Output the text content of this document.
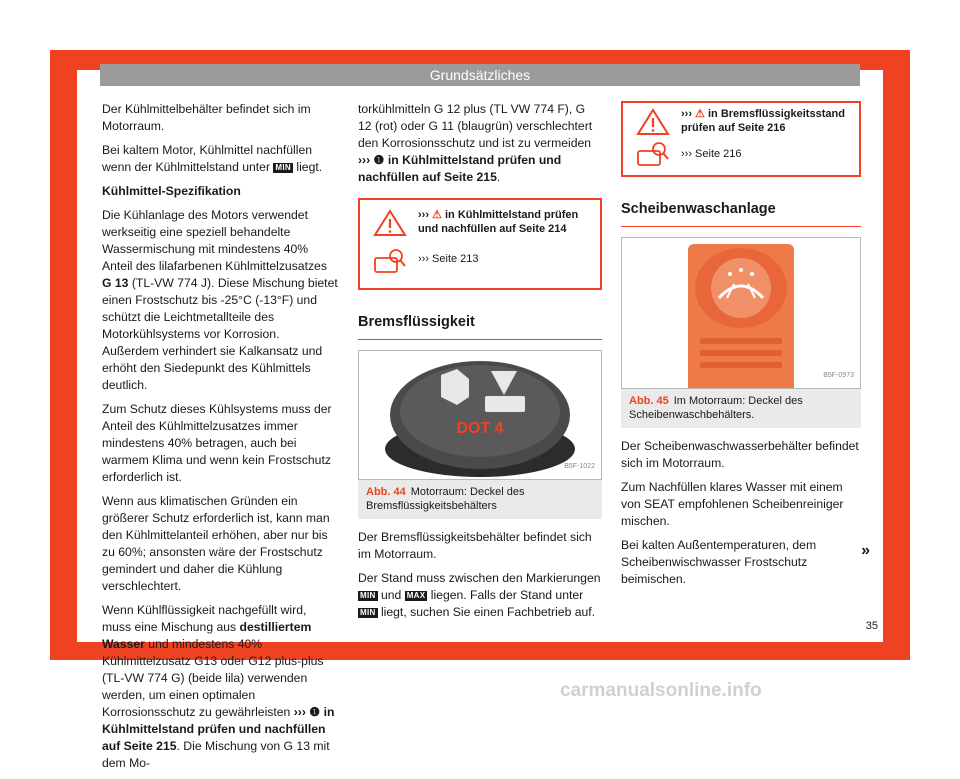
Grundsätzliches

Der Kühlmittelbehälter befindet sich im Motorraum.

Bei kaltem Motor, Kühlmittel nachfüllen wenn der Kühlmittelstand unter MIN liegt.

Kühlmittel-Spezifikation

Die Kühlanlage des Motors verwendet werkseitig eine speziell behandelte Wassermischung mit mindestens 40% Anteil des lilafarbenen Kühlmittelzusatzes G 13 (TL-VW 774 J). Diese Mischung bietet einen Frostschutz bis -25°C (-13°F) und schützt die Leichtmetallteile des Motorkühlsystems vor Korrosion. Außerdem verhindert sie Kalkansatz und erhöht den Siedepunkt des Kühlmittels deutlich.

Zum Schutz dieses Kühlsystems muss der Anteil des Kühlmittelzusatzes immer mindestens 40% betragen, auch bei warmem Klima und wenn kein Frostschutz erforderlich ist.

Wenn aus klimatischen Gründen ein größerer Schutz erforderlich ist, kann man den Kühlmittelanteil erhöhen, aber nur bis zu 60%; ansonsten wäre der Frostschutz gemindert und daher die Kühlung verschlechtert.

Wenn Kühlflüssigkeit nachgefüllt wird, muss eine Mischung aus destilliertem Wasser und mindestens 40% Kühlmittelzusatz G13 oder G12 plus-plus (TL-VW 774 G) (beide lila) verwenden werden, um einen optimalen Korrosionsschutz zu gewährleisten ››› ❶ in Kühlmittelstand prüfen und nachfüllen auf Seite 215. Die Mischung von G 13 mit dem Mo-

torkühlmitteln G 12 plus (TL VW 774 F), G 12 (rot) oder G 11 (blaugrün) verschlechtert den Korrosionsschutz und ist zu vermeiden ››› ❶ in Kühlmittelstand prüfen und nachfüllen auf Seite 215.

››› ⚠ in Kühlmittelstand prüfen und nachfüllen auf Seite 214
››› Seite 213
Bremsflüssigkeit
DOT 4
B5F-1022
Abb. 44 Motorraum: Deckel des Bremsflüssigkeitsbehälters

Der Bremsflüssigkeitsbehälter befindet sich im Motorraum.

Der Stand muss zwischen den Markierungen MIN und MAX liegen. Falls der Stand unter MIN liegt, suchen Sie einen Fachbetrieb auf.

››› ⚠ in Bremsflüssigkeitsstand prüfen auf Seite 216
››› Seite 216
Scheibenwaschanlage
B5F-0973
Abb. 45 Im Motorraum: Deckel des Scheibenwaschbehälters.

Der Scheibenwaschwasserbehälter befindet sich im Motorraum.

Zum Nachfüllen klares Wasser mit einem von SEAT empfohlenen Scheibenreiniger mischen.

Bei kalten Außentemperaturen, dem Scheibenwischwasser Frostschutz beimischen.

»
35
carmanualsonline.info
